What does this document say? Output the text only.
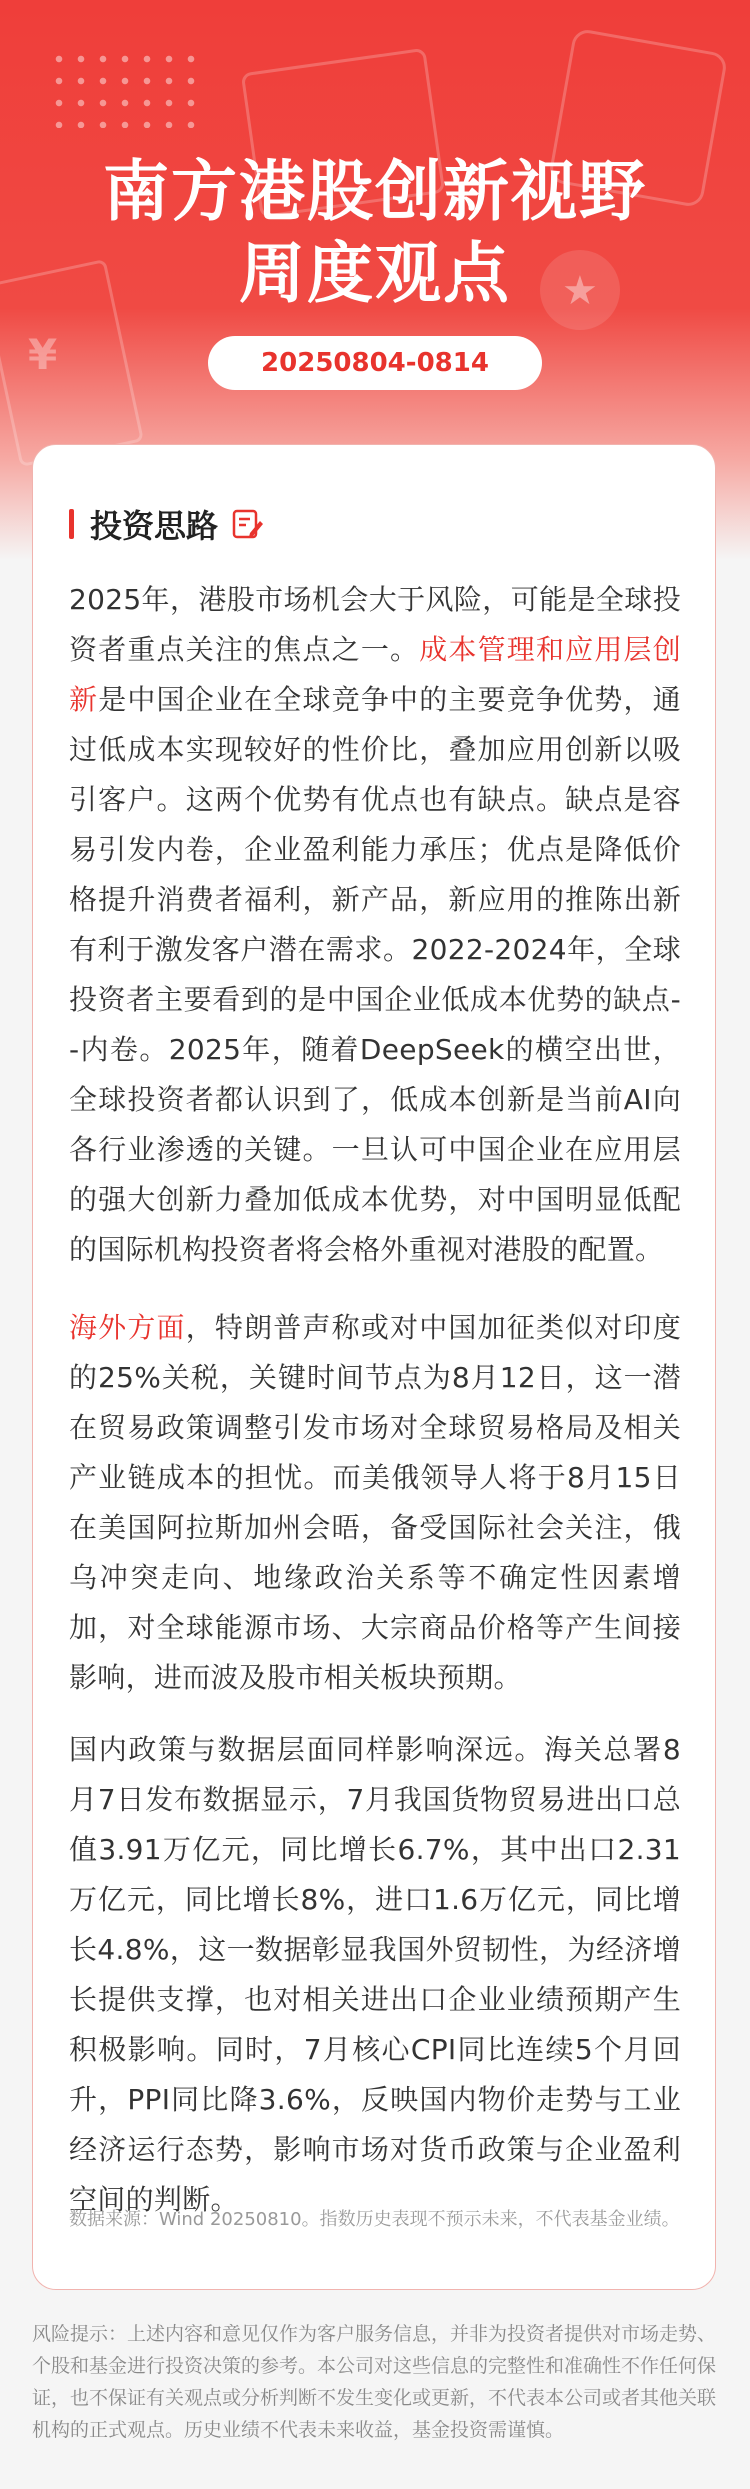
¥
★
南方港股创新视野
周度观点
20250804-0814
投资思路

2025年，港股市场机会大于风险，可能是全球投资者重点关注的焦点之一。成本管理和应用层创新是中国企业在全球竞争中的主要竞争优势，通过低成本实现较好的性价比，叠加应用创新以吸引客户。这两个优势有优点也有缺点。缺点是容易引发内卷，企业盈利能力承压；优点是降低价格提升消费者福利，新产品，新应用的推陈出新有利于激发客户潜在需求。2022-2024年，全球投资者主要看到的是中国企业低成本优势的缺点--内卷。2025年，随着DeepSeek的横空出世，全球投资者都认识到了，低成本创新是当前AI向各行业渗透的关键。一旦认可中国企业在应用层的强大创新力叠加低成本优势，对中国明显低配的国际机构投资者将会格外重视对港股的配置。

海外方面，特朗普声称或对中国加征类似对印度的25%关税，关键时间节点为8月12日，这一潜在贸易政策调整引发市场对全球贸易格局及相关产业链成本的担忧。而美俄领导人将于8月15日在美国阿拉斯加州会晤，备受国际社会关注，俄乌冲突走向、地缘政治关系等不确定性因素增加，对全球能源市场、大宗商品价格等产生间接影响，进而波及股市相关板块预期。

国内政策与数据层面同样影响深远。海关总署8月7日发布数据显示，7月我国货物贸易进出口总值3.91万亿元，同比增长6.7%，其中出口2.31万亿元，同比增长8%，进口1.6万亿元，同比增长4.8%，这一数据彰显我国外贸韧性，为经济增长提供支撑，也对相关进出口企业业绩预期产生积极影响。同时，7月核心CPI同比连续5个月回升，PPI同比降3.6%，反映国内物价走势与工业经济运行态势，影响市场对货币政策与企业盈利空间的判断。

数据来源：Wind 20250810。指数历史表现不预示未来，不代表基金业绩。

风险提示：上述内容和意见仅作为客户服务信息，并非为投资者提供对市场走势、个股和基金进行投资决策的参考。本公司对这些信息的完整性和准确性不作任何保证，也不保证有关观点或分析判断不发生变化或更新，不代表本公司或者其他关联机构的正式观点。历史业绩不代表未来收益，基金投资需谨慎。
